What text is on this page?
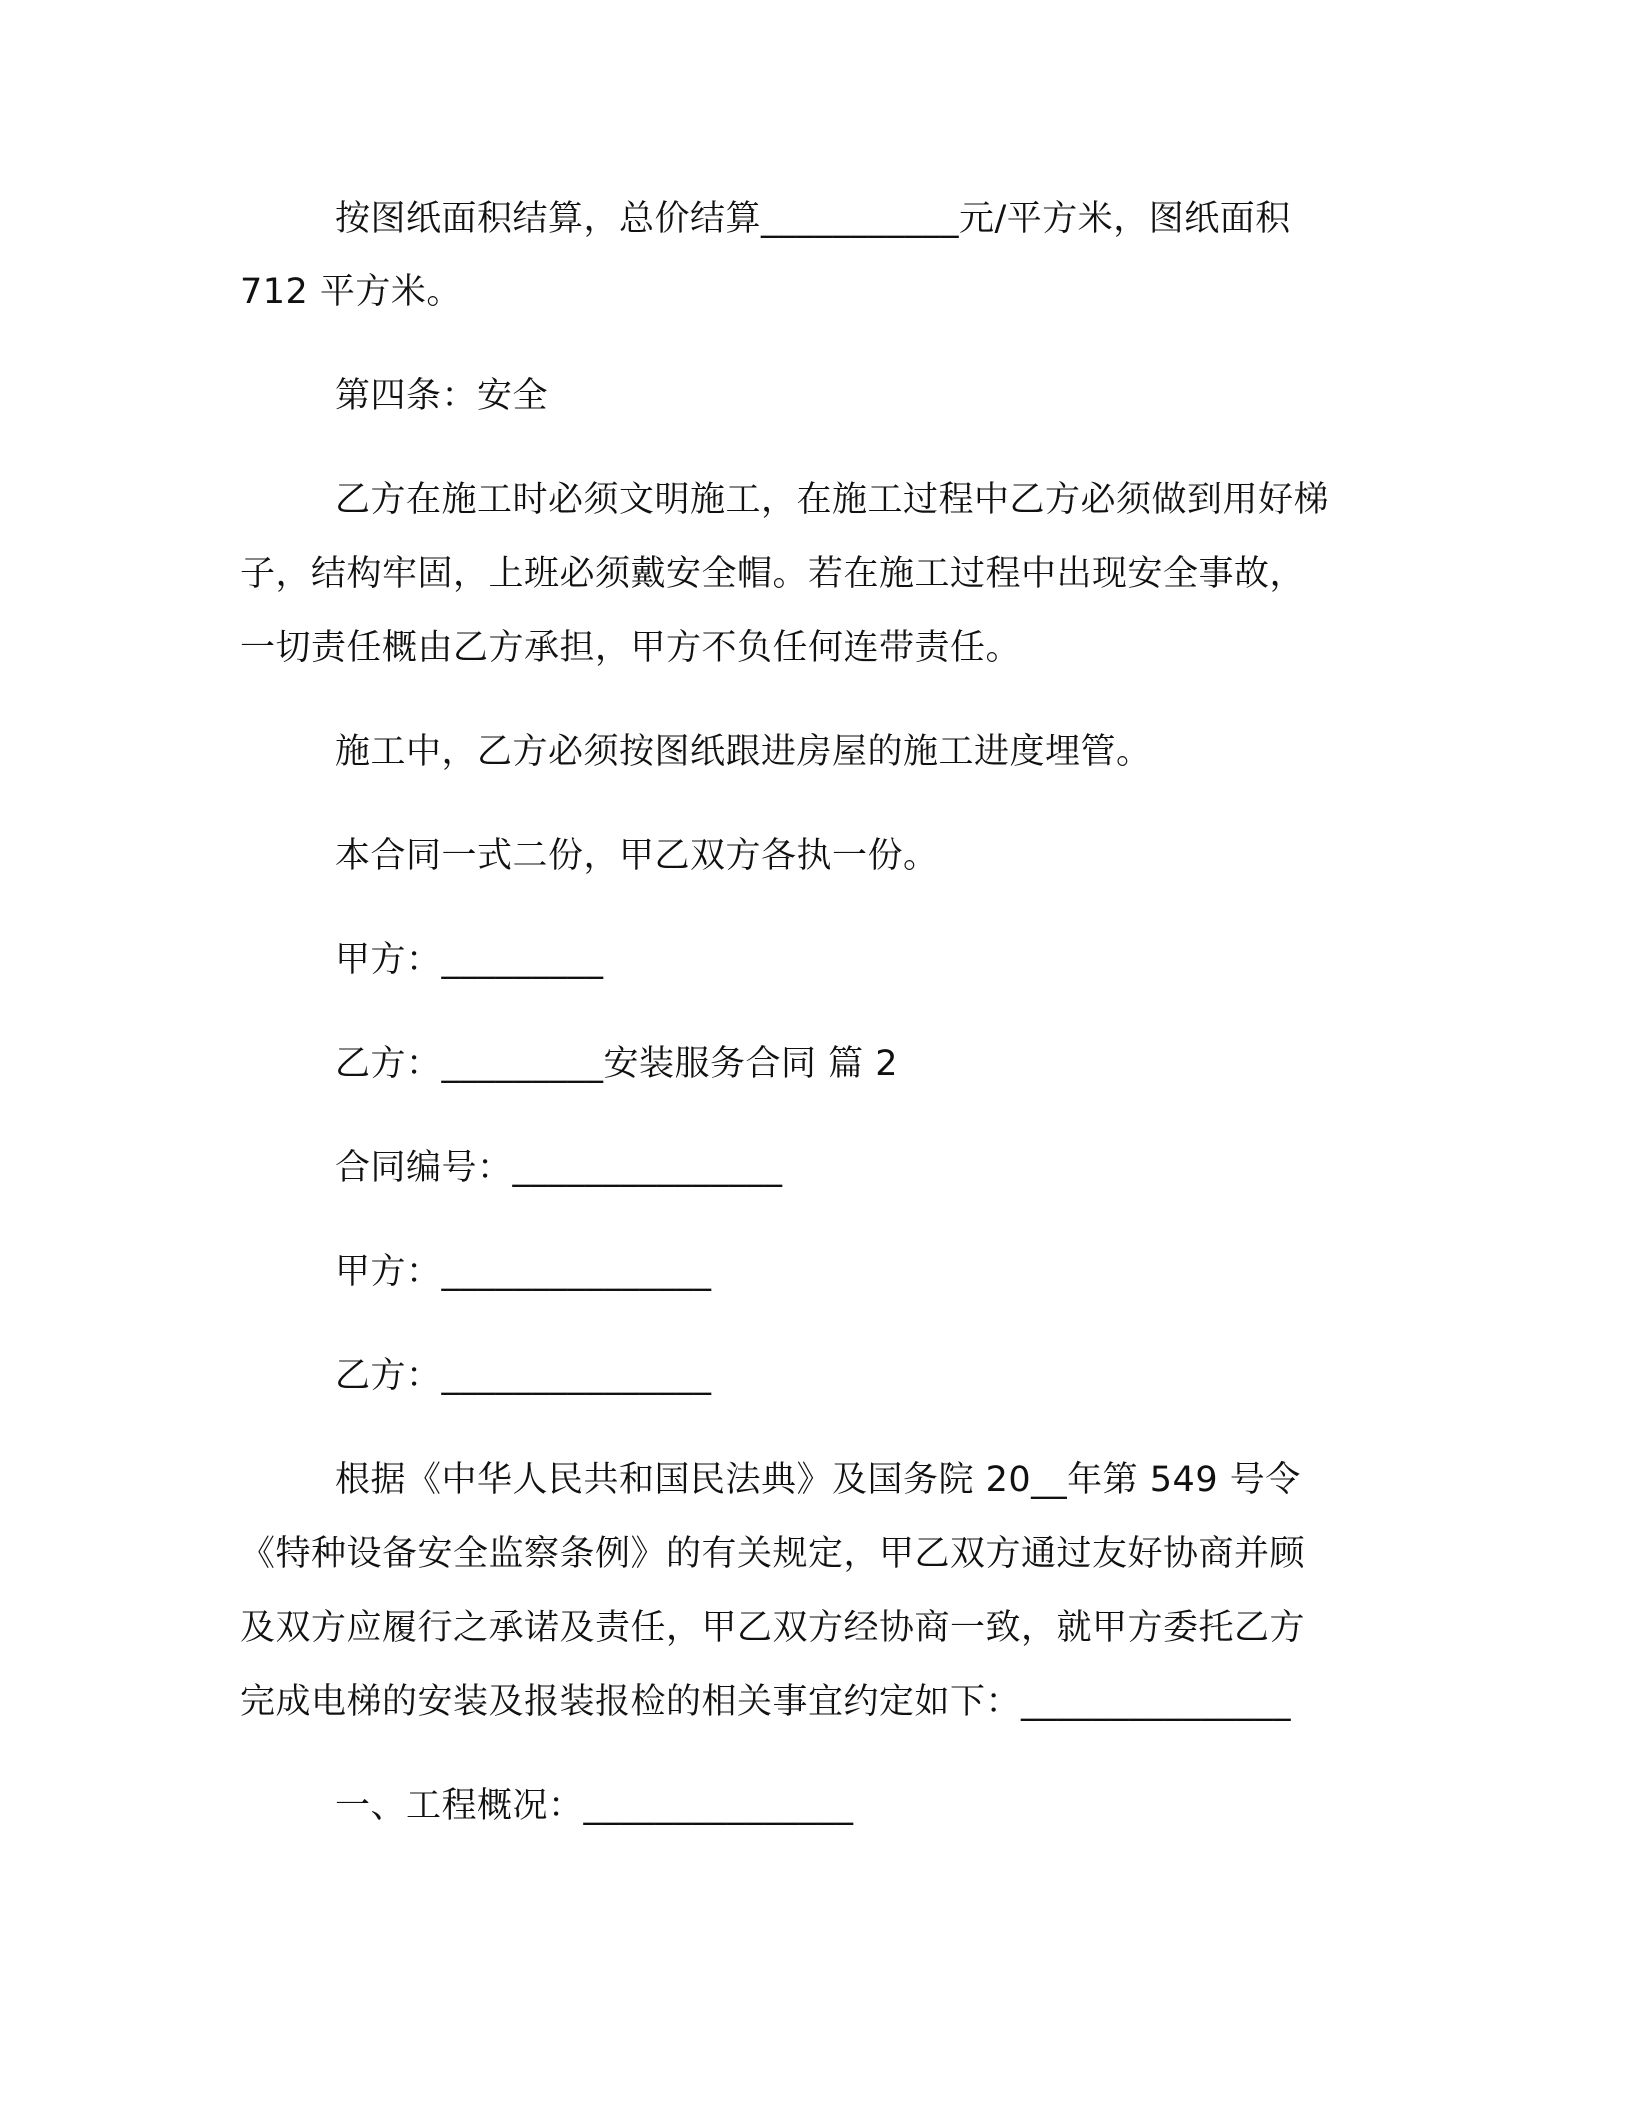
按图纸面积结算，总价结算___________元/平方米，图纸面积
712 平方米。
第四条：安全
乙方在施工时必须文明施工，在施工过程中乙方必须做到用好梯
子，结构牢固，上班必须戴安全帽。若在施工过程中出现安全事故，
一切责任概由乙方承担，甲方不负任何连带责任。
施工中，乙方必须按图纸跟进房屋的施工进度埋管。
本合同一式二份，甲乙双方各执一份。
甲方：_________
乙方：_________安装服务合同 篇 2
合同编号：_______________
甲方：_______________
乙方：_______________
根据《中华人民共和国民法典》及国务院 20__年第 549 号令
《特种设备安全监察条例》的有关规定，甲乙双方通过友好协商并顾
及双方应履行之承诺及责任，甲乙双方经协商一致，就甲方委托乙方
完成电梯的安装及报装报检的相关事宜约定如下：_______________
一、工程概况：_______________
